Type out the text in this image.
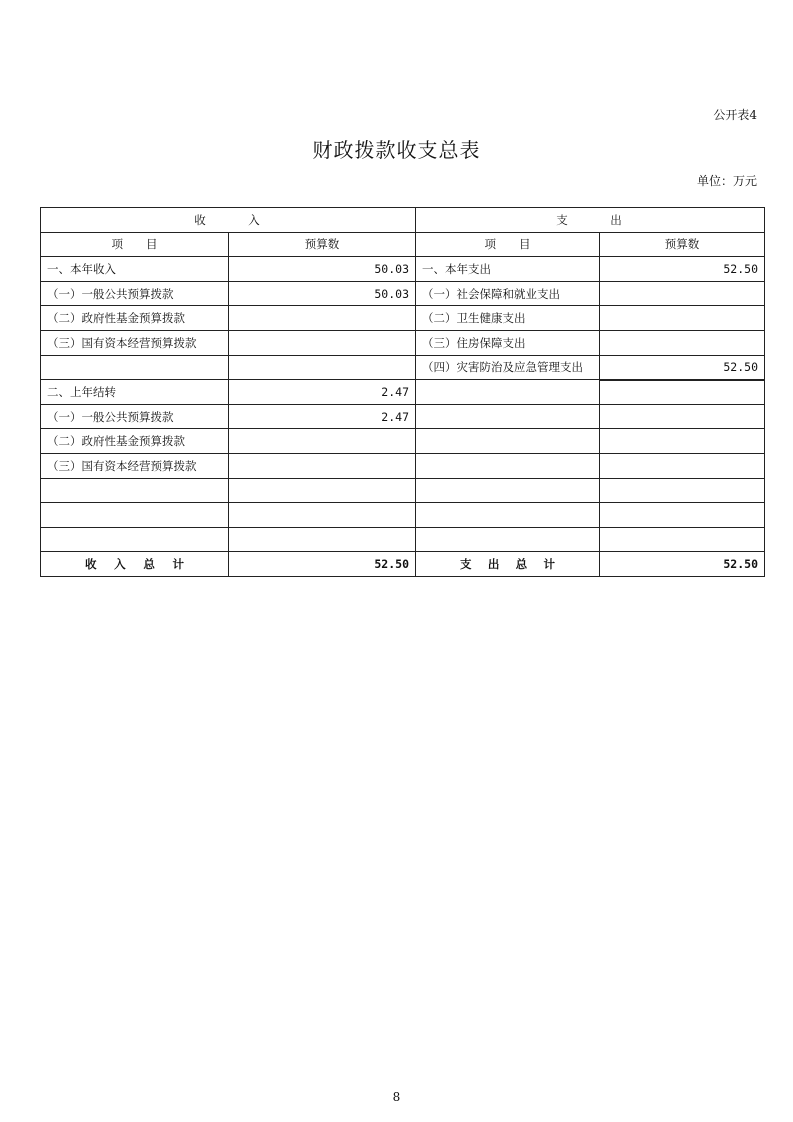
公开表4
财政拨款收支总表
单位：万元
收　　　入		支　　　出	
项　　目	预算数	项　　目	预算数
一、本年收入	50.03	一、本年支出	52.50
（一）一般公共预算拨款	50.03	（一）社会保障和就业支出	
（二）政府性基金预算拨款		（二）卫生健康支出	
（三）国有资本经营预算拨款		（三）住房保障支出	
		（四）灾害防治及应急管理支出	52.50
二、上年结转	2.47		
（一）一般公共预算拨款	2.47		
（二）政府性基金预算拨款			
（三）国有资本经营预算拨款			

收 入 总 计	52.50	支 出 总 计	52.50
8
